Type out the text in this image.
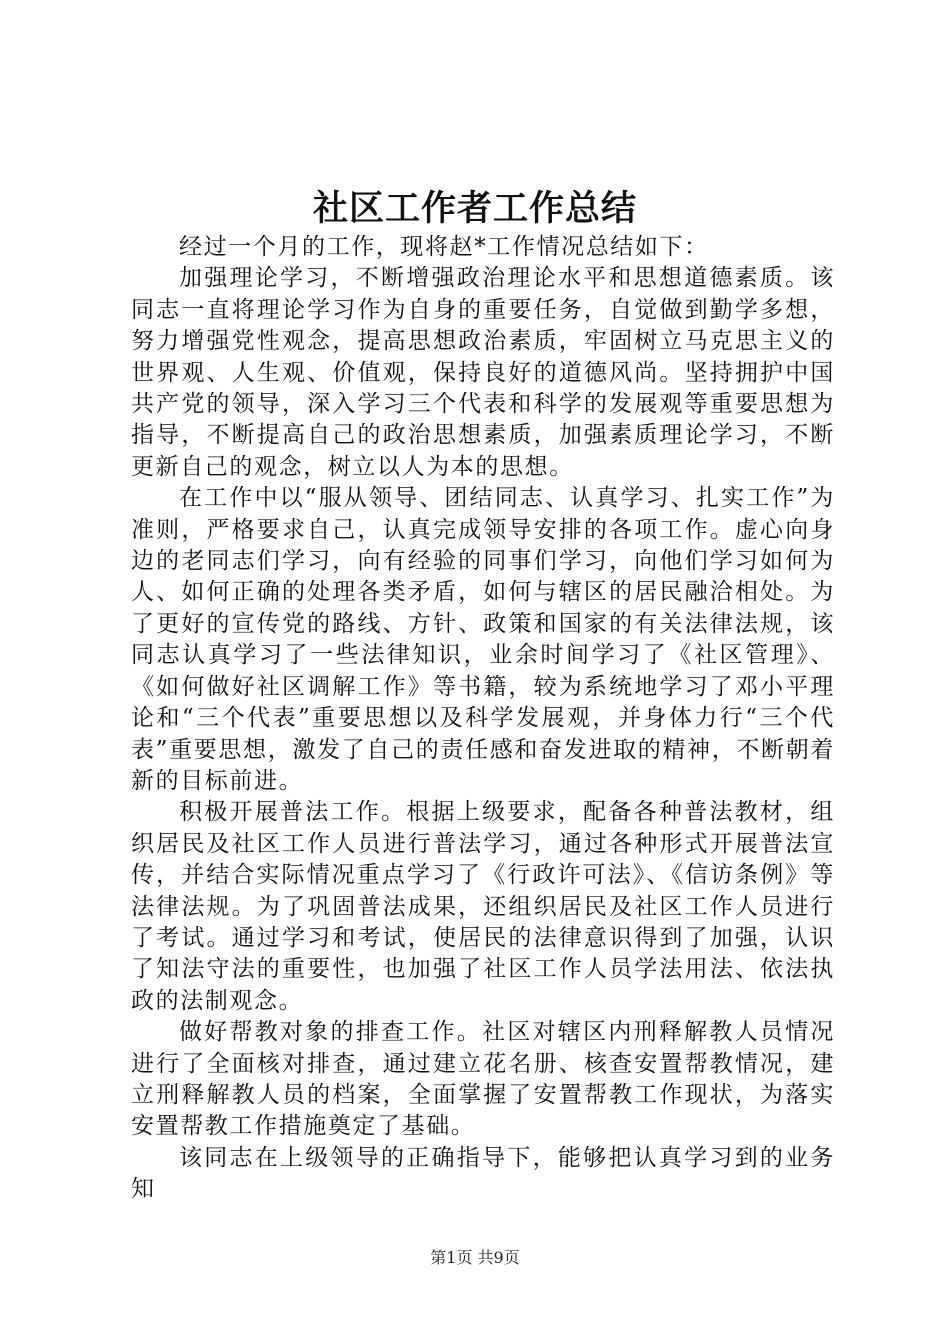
社区工作者工作总结

经过一个月的工作，现将赵*工作情况总结如下：

加强理论学习，不断增强政治理论水平和思想道德素质。该同志一直将理论学习作为自身的重要任务，自觉做到勤学多想，努力增强党性观念，提高思想政治素质，牢固树立马克思主义的世界观、人生观、价值观，保持良好的道德风尚。坚持拥护中国共产党的领导，深入学习三个代表和科学的发展观等重要思想为指导，不断提高自己的政治思想素质，加强素质理论学习，不断更新自己的观念，树立以人为本的思想。

在工作中以“服从领导、团结同志、认真学习、扎实工作”为准则，严格要求自己，认真完成领导安排的各项工作。虚心向身边的老同志们学习，向有经验的同事们学习，向他们学习如何为人、如何正确的处理各类矛盾，如何与辖区的居民融洽相处。为了更好的宣传党的路线、方针、政策和国家的有关法律法规，该同志认真学习了一些法律知识，业余时间学习了《社区管理》、《如何做好社区调解工作》等书籍，较为系统地学习了邓小平理论和“三个代表”重要思想以及科学发展观，并身体力行“三个代表”重要思想，激发了自己的责任感和奋发进取的精神，不断朝着新的目标前进。

积极开展普法工作。根据上级要求，配备各种普法教材，组织居民及社区工作人员进行普法学习，通过各种形式开展普法宣传，并结合实际情况重点学习了《行政许可法》、《信访条例》等法律法规。为了巩固普法成果，还组织居民及社区工作人员进行了考试。通过学习和考试，使居民的法律意识得到了加强，认识了知法守法的重要性，也加强了社区工作人员学法用法、依法执政的法制观念。

做好帮教对象的排查工作。社区对辖区内刑释解教人员情况进行了全面核对排查，通过建立花名册、核查安置帮教情况，建立刑释解教人员的档案，全面掌握了安置帮教工作现状，为落实安置帮教工作措施奠定了基础。

该同志在上级领导的正确指导下，能够把认真学习到的业务知

第1页 共9页
